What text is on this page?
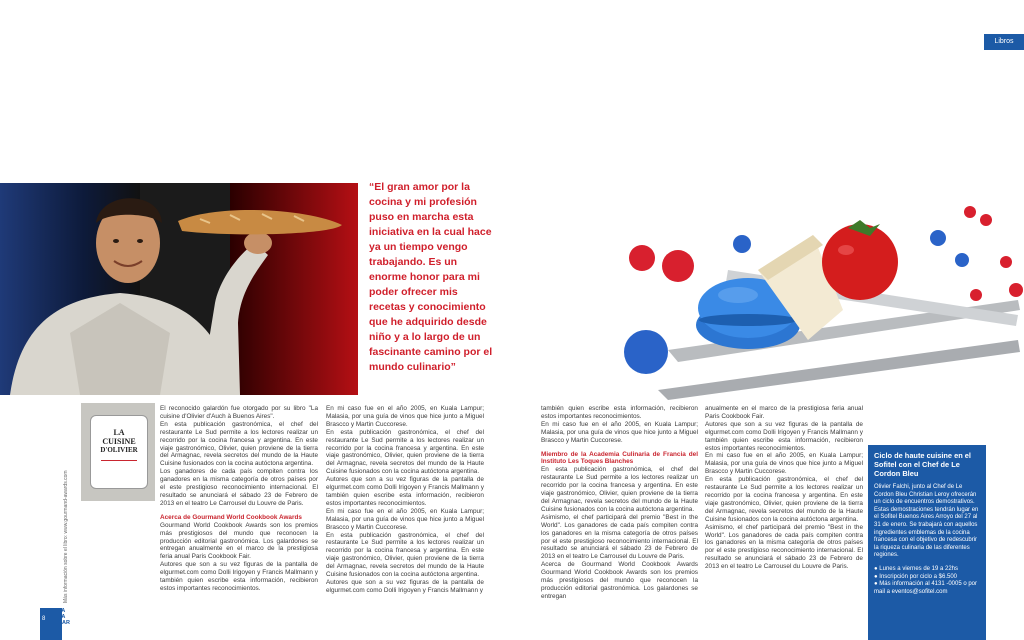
Libros
“El gran amor por la cocina y mi profesión puso en marcha esta iniciativa en la cual hace ya un tiempo vengo trabajando. Es un enorme honor para mi poder ofrecer mis recetas y conocimiento que he adquirido desde niño y a lo largo de un fascinante camino por el mundo culinario”
Más información sobre el libro: www.gourmand-awards.com
LA
CUISINE
D'OLIVIER

El reconocido galardón fue otorgado por su libro "La cuisine d'Olivier d'Auch à Buenos Aires".

En esta publicación gastronómica, el chef del restaurante Le Sud permite a los lectores realizar un recorrido por la cocina francesa y argentina. En este viaje gastronómico, Olivier, quien proviene de la tierra del Armagnac, revela secretos del mundo de la Haute Cuisine fusionados con la cocina autóctona argentina.

Los ganadores de cada país compiten contra los ganadores en la misma categoría de otros países por el este prestigioso reconocimiento internacional. El resultado se anunciará el sábado 23 de Febrero de 2013 en el teatro Le Carrousel du Louvre de Paris.

Acerca de Gourmand World Cookbook Awards

Gourmand World Cookbook Awards son los premios más prestigiosos del mundo que reconocen la producción editorial gastronómica. Los galardones se entregan anualmente en el marco de la prestigiosa feria anual Paris Cookbook Fair.

Autores que son a su vez figuras de la pantalla de elgurmet.com como Dolli Irigoyen y Francis Mallmann y también quien escribe esta información, recibieron estos importantes reconocimientos.

En mi caso fue en el año 2005, en Kuala Lampur; Malasia, por una guía de vinos que hice junto a Miguel Brascco y Martin Cuccorese.

En esta publicación gastronómica, el chef del restaurante Le Sud permite a los lectores realizar un recorrido por la cocina francesa y argentina. En este viaje gastronómico, Olivier, quien proviene de la tierra del Armagnac, revela secretos del mundo de la Haute Cuisine fusionados con la cocina autóctona argentina.

Autores que son a su vez figuras de la pantalla de elgurmet.com como Dolli Irigoyen y Francis Mallmann y también quien escribe esta información, recibieron estos importantes reconocimientos.

En mi caso fue en el año 2005, en Kuala Lampur; Malasia, por una guía de vinos que hice junto a Miguel Brascco y Martin Cuccorese.

En esta publicación gastronómica, el chef del restaurante Le Sud permite a los lectores realizar un recorrido por la cocina francesa y argentina. En este viaje gastronómico, Olivier, quien proviene de la tierra del Armagnac, revela secretos del mundo de la Haute Cuisine fusionados con la cocina autóctona argentina.

Autores que son a su vez figuras de la pantalla de elgurmet.com como Dolli Irigoyen y Francis Mallmann y

también quien escribe esta información, recibieron estos importantes reconocimientos.

En mi caso fue en el año 2005, en Kuala Lampur; Malasia, por una guía de vinos que hice junto a Miguel Brascco y Martin Cuccorese.

Miembro de la Academia Culinaria de Francia del Instituto Les Toques Blanches

En esta publicación gastronómica, el chef del restaurante Le Sud permite a los lectores realizar un recorrido por la cocina francesa y argentina. En este viaje gastronómico, Olivier, quien proviene de la tierra del Armagnac, revela secretos del mundo de la Haute Cuisine fusionados con la cocina autóctona argentina.

Asimismo, el chef participará del premio "Best in the World". Los ganadores de cada país compiten contra los ganadores en la misma categoría de otros países por el este prestigioso reconocimiento internacional. El resultado se anunciará el sábado 23 de Febrero de 2013 en el teatro Le Carrousel du Louvre de Paris.

Acerca de Gourmand World Cookbook Awards Gourmand World Cookbook Awards son los premios más prestigiosos del mundo que reconocen la producción editorial gastronómica. Los galardones se entregan

anualmente en el marco de la prestigiosa feria anual Paris Cookbook Fair.

Autores que son a su vez figuras de la pantalla de elgurmet.com como Dolli Irigoyen y Francis Mallmann y también quien escribe esta información, recibieron estos importantes reconocimientos.

En mi caso fue en el año 2005, en Kuala Lampur; Malasia, por una guía de vinos que hice junto a Miguel Brascco y Martin Cuccorese.

En esta publicación gastronómica, el chef del restaurante Le Sud permite a los lectores realizar un recorrido por la cocina francesa y argentina. En este viaje gastronómico, Olivier, quien proviene de la tierra del Armagnac, revela secretos del mundo de la Haute Cuisine fusionados con la cocina autóctona argentina.

Asimismo, el chef participará del premio "Best in the World". Los ganadores de cada país compiten contra los ganadores en la misma categoría de otros países por el este prestigioso reconocimiento internacional. El resultado se anunciará el sábado 23 de Febrero de 2013 en el teatro Le Carrousel du Louvre de Paris.

Ciclo de haute cuisine en el Sofitel con el Chef de Le Cordon Bleu
Olivier Falchi, junto al Chef de Le Cordon Bleu Christian Leroy ofrecerán un ciclo de encuentros demostrativos. Estas demostraciones tendrán lugar en el Sofitel Buenos Aires Arroyo del 27 al 31 de enero. Se trabajará con aquellos ingredientes emblemas de la cocina francesa con el objetivo de redescubrir la riqueza culinaria de las diferentes regiones.
● Lunes a viernes de 19 a 22hs
● Inscripción por ciclo a $6.500
● Más información al 4131 -0005 o por mail a eventos@sofitel.com
8
PA LA DAR
